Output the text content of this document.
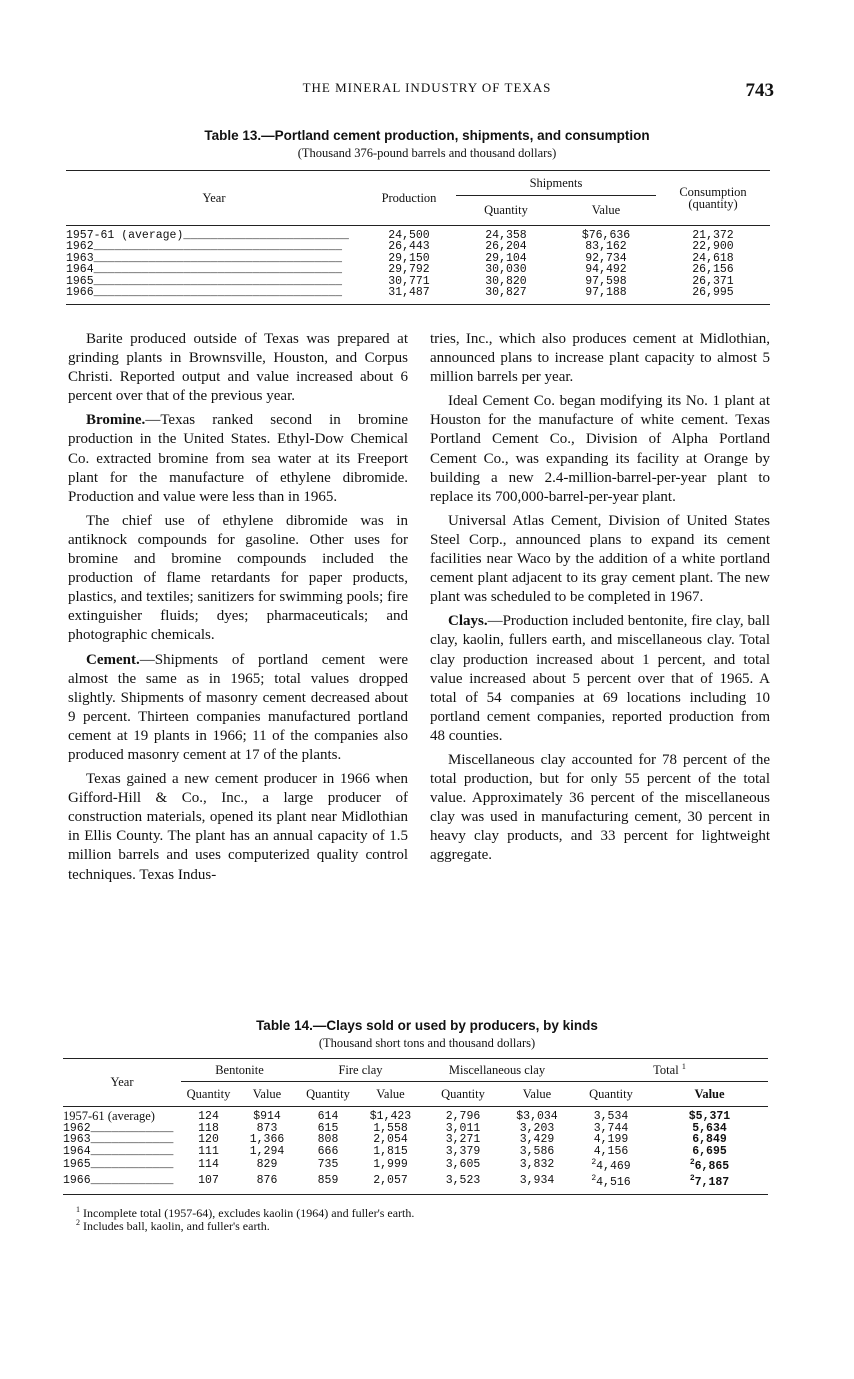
THE MINERAL INDUSTRY OF TEXAS	743
Table 13.—Portland cement production, shipments, and consumption
(Thousand 376-pound barrels and thousand dollars)
Year	Production	Shipments		Consumption
(quantity)
		Quantity	Value	

1957-61 (average)________________________	24,500	24,358	$76,636	21,372
1962____________________________________	26,443	26,204	83,162	22,900
1963____________________________________	29,150	29,104	92,734	24,618
1964____________________________________	29,792	30,030	94,492	26,156
1965____________________________________	30,771	30,820	97,598	26,371
1966____________________________________	31,487	30,827	97,188	26,995

Barite produced outside of Texas was prepared at grinding plants in Brownsville, Houston, and Corpus Christi. Reported output and value increased about 6 percent over that of the previous year.

Bromine.—Texas ranked second in bromine production in the United States. Ethyl-Dow Chemical Co. extracted bromine from sea water at its Freeport plant for the manufacture of ethylene dibromide. Production and value were less than in 1965.

The chief use of ethylene dibromide was in antiknock compounds for gasoline. Other uses for bromine and bromine compounds included the production of flame retardants for paper products, plastics, and textiles; sanitizers for swimming pools; fire extinguisher fluids; dyes; pharmaceuticals; and photographic chemicals.

Cement.—Shipments of portland cement were almost the same as in 1965; total values dropped slightly. Shipments of masonry cement decreased about 9 percent. Thirteen companies manufactured portland cement at 19 plants in 1966; 11 of the companies also produced masonry cement at 17 of the plants.

Texas gained a new cement producer in 1966 when Gifford-Hill & Co., Inc., a large producer of construction materials, opened its plant near Midlothian in Ellis County. The plant has an annual capacity of 1.5 million barrels and uses computerized quality control techniques. Texas Indus-

tries, Inc., which also produces cement at Midlothian, announced plans to increase plant capacity to almost 5 million barrels per year.

Ideal Cement Co. began modifying its No. 1 plant at Houston for the manufacture of white cement. Texas Portland Cement Co., Division of Alpha Portland Cement Co., was expanding its facility at Orange by building a new 2.4-million-barrel-per-year plant to replace its 700,000-barrel-per-year plant.

Universal Atlas Cement, Division of United States Steel Corp., announced plans to expand its cement facilities near Waco by the addition of a white portland cement plant adjacent to its gray cement plant. The new plant was scheduled to be completed in 1967.

Clays.—Production included bentonite, fire clay, ball clay, kaolin, fullers earth, and miscellaneous clay. Total clay production increased about 1 percent, and total value increased about 5 percent over that of 1965. A total of 54 companies at 69 locations including 10 portland cement companies, reported production from 48 counties.

Miscellaneous clay accounted for 78 percent of the total production, but for only 55 percent of the total value. Approximately 36 percent of the miscellaneous clay was used in manufacturing cement, 30 percent in heavy clay products, and 33 percent for lightweight aggregate.

Table 14.—Clays sold or used by producers, by kinds
(Thousand short tons and thousand dollars)
Year	Bentonite		Fire clay		Miscellaneous clay		Total $^1$
	Quantity	Value	Quantity	Value	Quantity	Value	Quantity	Value

1957-61 (average)	124	$914	614	$1,423	2,796	$3,034	3,534	$5,371
1962____________	118	873	615	1,558	3,011	3,203	3,744	5,634
1963____________	120	1,366	808	2,054	3,271	3,429	4,199	6,849
1964____________	111	1,294	666	1,815	3,379	3,586	4,156	6,695
1965____________	114	829	735	1,999	3,605	3,832	$^2$4,469	$^2$6,865
1966____________	107	876	859	2,057	3,523	3,934	$^2$4,516	$^2$7,187
$^1$ Incomplete total (1957-64), excludes kaolin (1964) and fuller's earth.
$^2$ Includes ball, kaolin, and fuller's earth.
